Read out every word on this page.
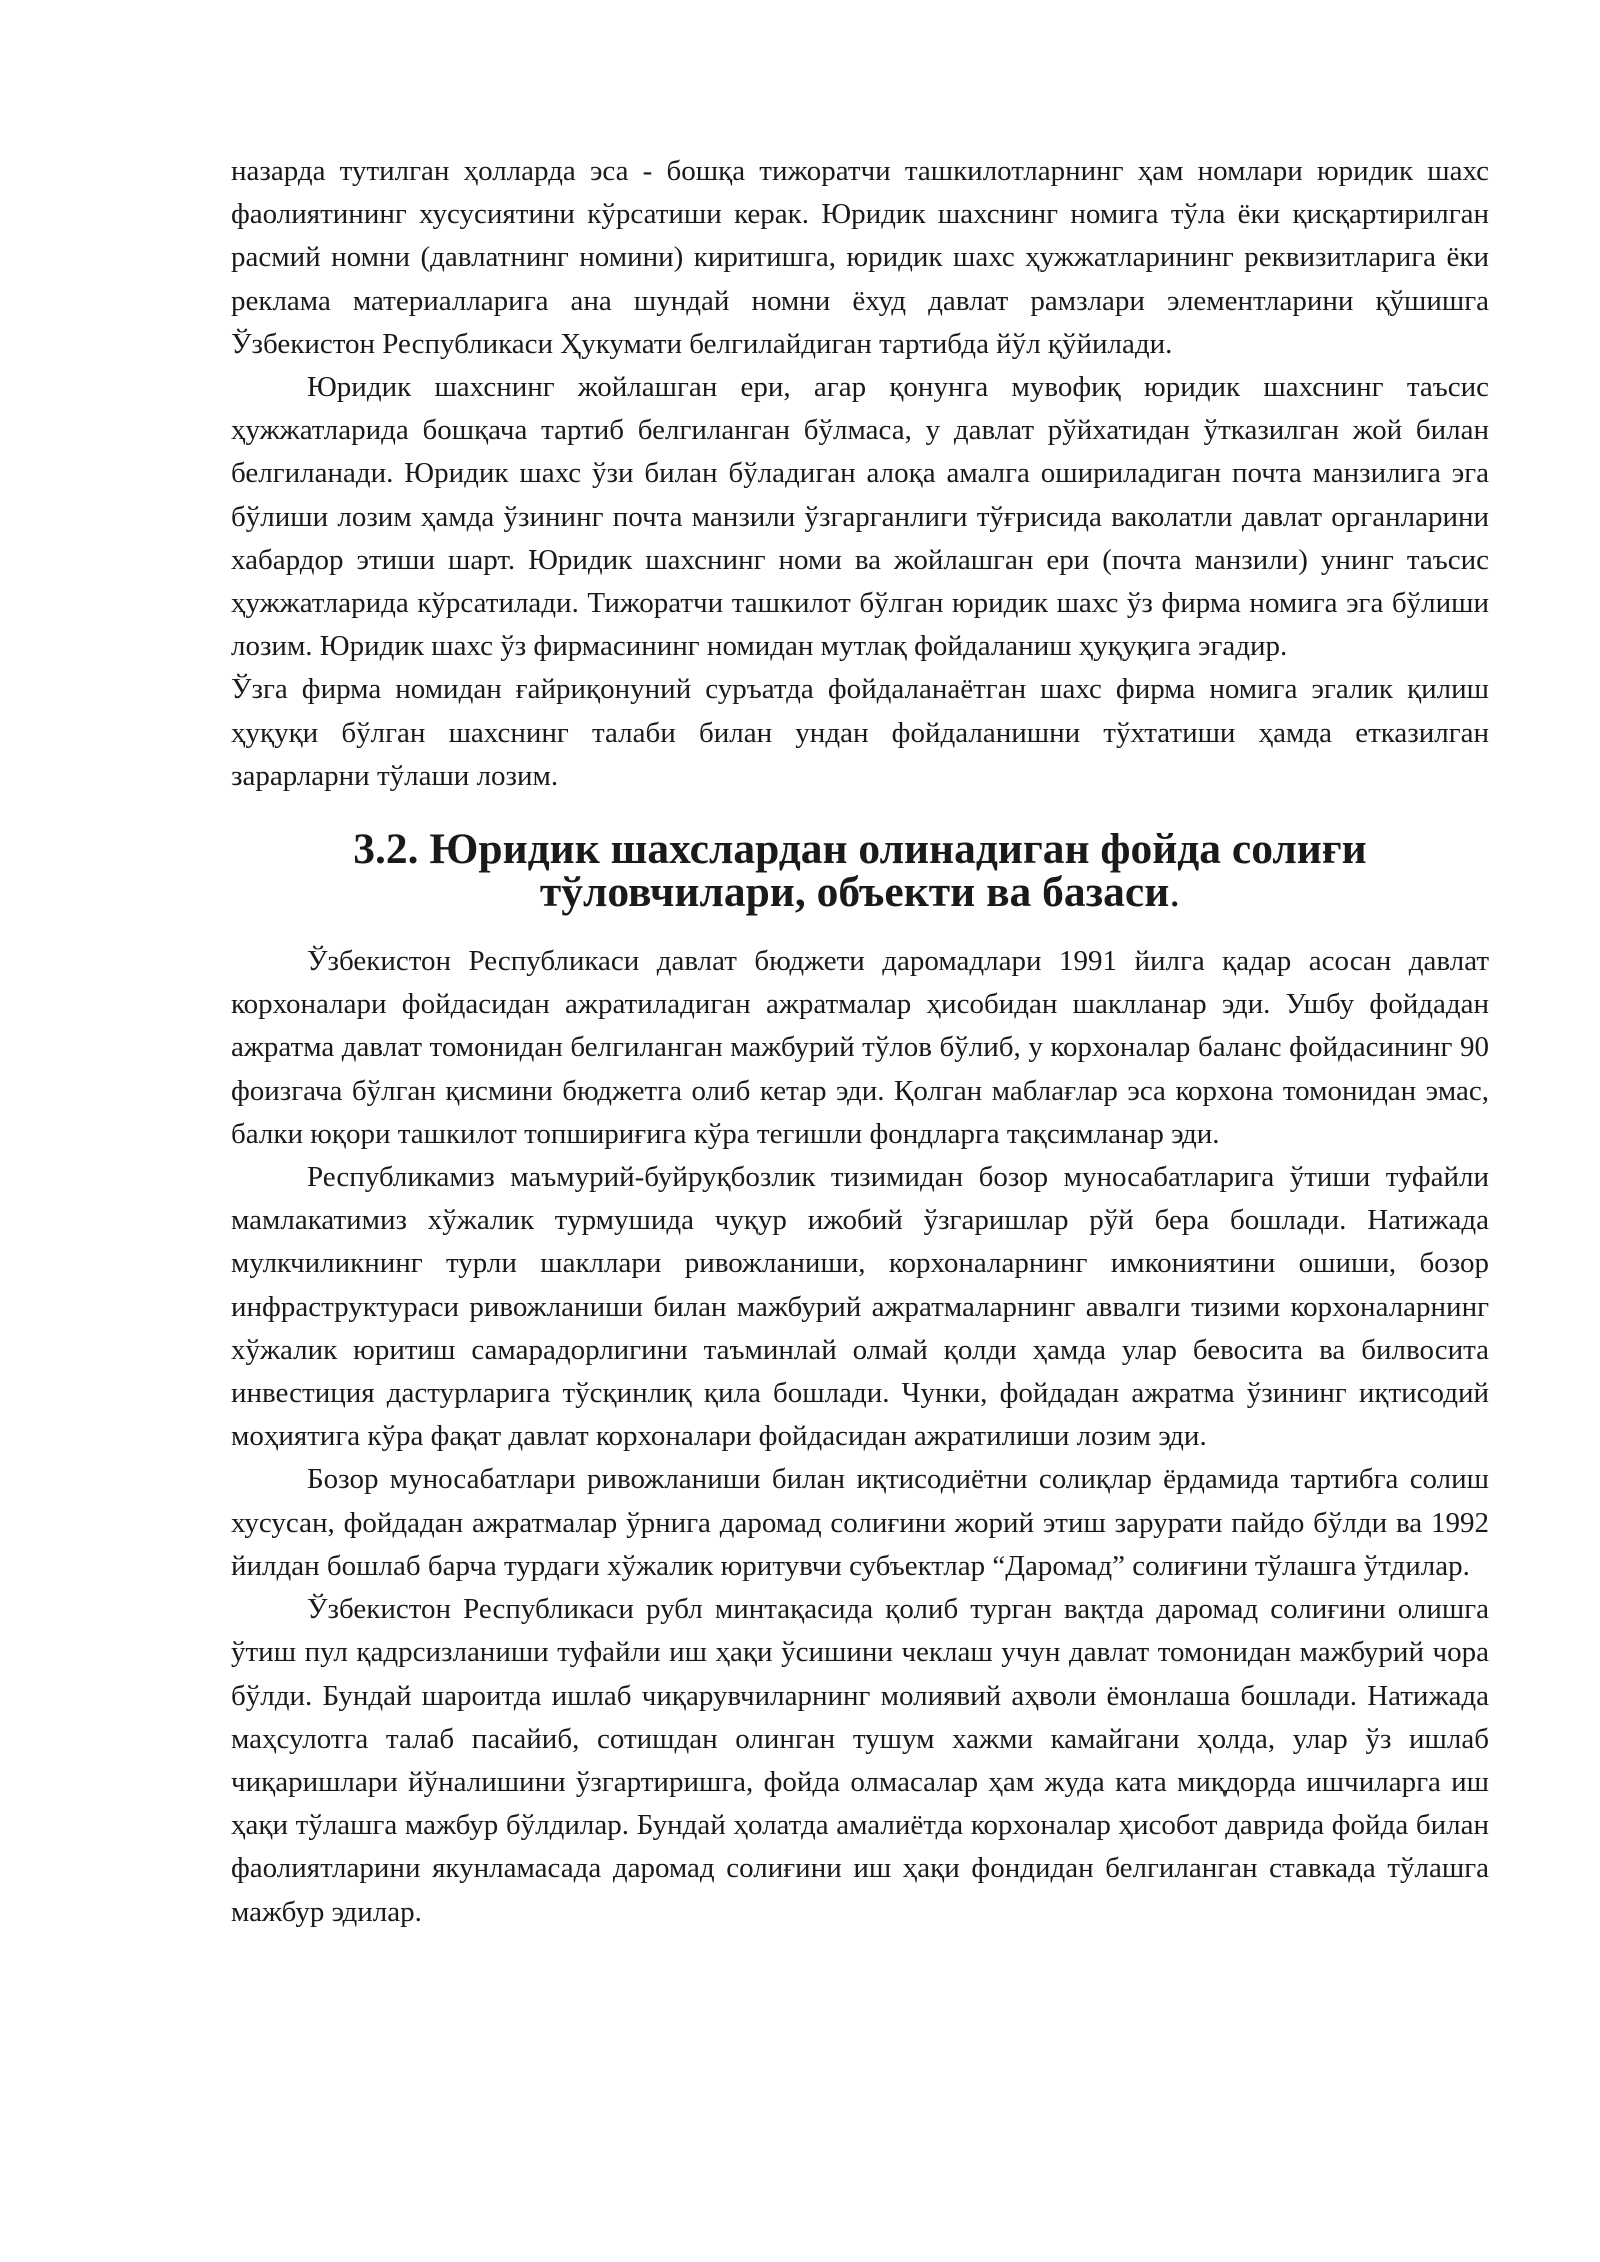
назарда тутилган ҳолларда эса - бошқа тижоратчи ташкилотларнинг ҳам номлари юридик шахс фаолиятининг хусусиятини кўрсатиши керак. Юридик шахснинг номига тўла ёки қисқартирилган расмий номни (давлатнинг номини) киритишга, юридик шахс ҳужжатларининг реквизитларига ёки реклама материалларига ана шундай номни ёхуд давлат рамзлари элементларини қўшишга Ўзбекистон Республикаси Ҳукумати белгилайдиган тартибда йўл қўйилади.

Юридик шахснинг жойлашган ери, агар қонунга мувофиқ юридик шахснинг таъсис ҳужжатларида бошқача тартиб белгиланган бўлмаса, у давлат рўйхатидан ўтказилган жой билан белгиланади. Юридик шахс ўзи билан бўладиган алоқа амалга ошириладиган почта манзилига эга бўлиши лозим ҳамда ўзининг почта манзили ўзгарганлиги тўғрисида ваколатли давлат органларини хабардор этиши шарт. Юридик шахснинг номи ва жойлашган ери (почта манзили) унинг таъсис ҳужжатларида кўрсатилади. Тижоратчи ташкилот бўлган юридик шахс ўз фирма номига эга бўлиши лозим. Юридик шахс ўз фирмасининг номидан мутлақ фойдаланиш ҳуқуқига эгадир.

Ўзга фирма номидан ғайриқонуний суръатда фойдаланаётган шахс фирма номига эгалик қилиш ҳуқуқи бўлган шахснинг талаби билан ундан фойдаланишни тўхтатиши ҳамда етказилган зарарларни тўлаши лозим.

3.2. Юридик шахслардан олинадиган фойда солиғи тўловчилари, объекти ва базаси.

Ўзбекистон Республикаси давлат бюджети даромадлари 1991 йилга қадар асосан давлат корхоналари фойдасидан ажратиладиган ажратмалар ҳисобидан шаклланар эди. Ушбу фойдадан ажратма давлат томонидан белгиланган мажбурий тўлов бўлиб, у корхоналар баланс фойдасининг 90 фоизгача бўлган қисмини бюджетга олиб кетар эди. Қолган маблағлар эса корхона томонидан эмас, балки юқори ташкилот топшириғига кўра тегишли фондларга тақсимланар эди.

Республикамиз маъмурий-буйруқбозлик тизимидан бозор муносабатларига ўтиши туфайли мамлакатимиз хўжалик турмушида чуқур ижобий ўзгаришлар рўй бера бошлади. Натижада мулкчиликнинг турли шакллари ривожланиши, корхоналарнинг имкониятини ошиши, бозор инфраструктураси ривожланиши билан мажбурий ажратмаларнинг аввалги тизими корхоналарнинг хўжалик юритиш самарадорлигини таъминлай олмай қолди ҳамда улар бевосита ва билвосита инвестиция дастурларига тўсқинлиқ қила бошлади. Чунки, фойдадан ажратма ўзининг иқтисодий моҳиятига кўра фақат давлат корхоналари фойдасидан ажратилиши лозим эди.

Бозор муносабатлари ривожланиши билан иқтисодиётни солиқлар ёрдамида тартибга солиш хусусан, фойдадан ажратмалар ўрнига даромад солиғини жорий этиш зарурати пайдо бўлди ва 1992 йилдан бошлаб барча турдаги хўжалик юритувчи субъектлар “Даромад” солиғини тўлашга ўтдилар.

Ўзбекистон Республикаси рубл минтақасида қолиб турган вақтда даромад солиғини олишга ўтиш пул қадрсизланиши туфайли иш ҳақи ўсишини чеклаш учун давлат томонидан мажбурий чора бўлди. Бундай шароитда ишлаб чиқарувчиларнинг молиявий аҳволи ёмонлаша бошлади. Натижада маҳсулотга талаб пасайиб, сотишдан олинган тушум хажми камайгани ҳолда, улар ўз ишлаб чиқаришлари йўналишини ўзгартиришга, фойда олмасалар ҳам жуда ката миқдорда ишчиларга иш ҳақи тўлашга мажбур бўлдилар. Бундай ҳолатда амалиётда корхоналар ҳисобот даврида фойда билан фаолиятларини якунламасада даромад солиғини иш ҳақи фондидан белгиланган ставкада тўлашга мажбур эдилар.
